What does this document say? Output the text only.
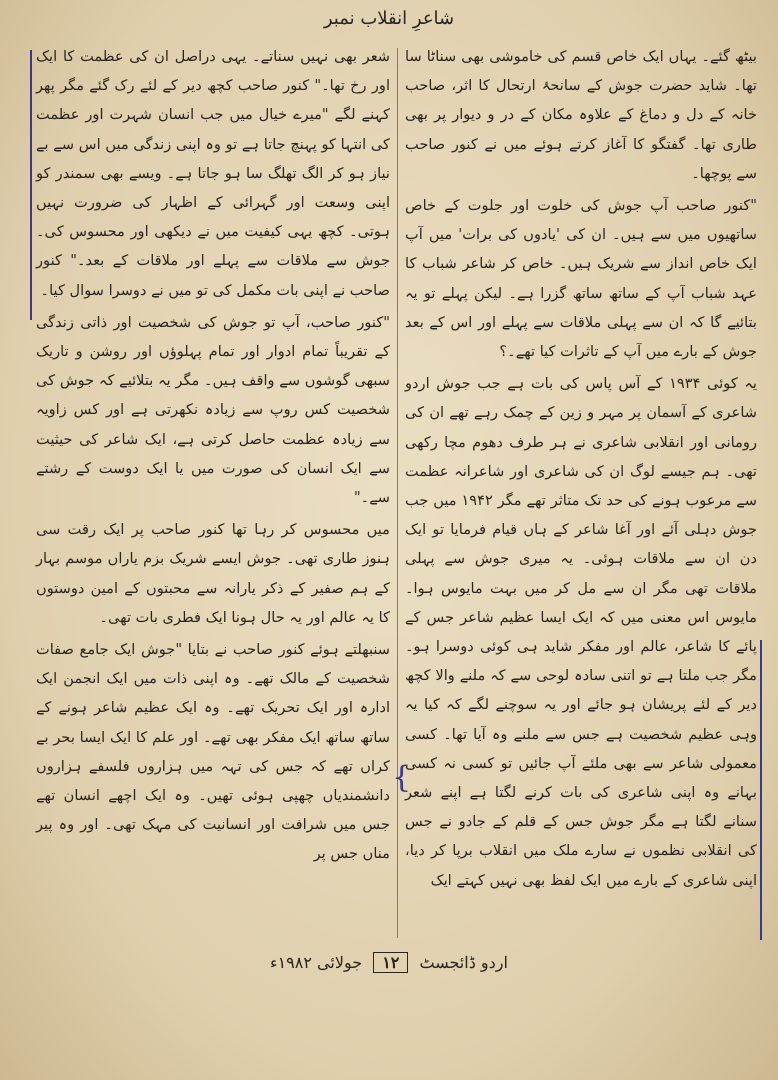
شاعرِ انقلاب نمبر

بیٹھ گئے۔ یہاں ایک خاص قسم کی خاموشی بھی سناٹا سا تھا۔ شاید حضرت جوش کے سانحۂ ارتحال کا اثر، صاحب خانہ کے دل و دماغ کے علاوہ مکان کے در و دیوار پر بھی طاری تھا۔ گفتگو کا آغاز کرتے ہوئے میں نے کنور صاحب سے پوچھا۔

"کنور صاحب آپ جوش کی خلوت اور جلوت کے خاص ساتھیوں میں سے ہیں۔ ان کی 'یادوں کی برات' میں آپ ایک خاص انداز سے شریک ہیں۔ خاص کر شاعر شباب کا عہد شباب آپ کے ساتھ ساتھ گزرا ہے۔ لیکن پہلے تو یہ بتائیے گا کہ ان سے پہلی ملاقات سے پہلے اور اس کے بعد جوش کے بارے میں آپ کے تاثرات کیا تھے۔؟

یہ کوئی ۱۹۳۴ کے آس پاس کی بات ہے جب جوش اردو شاعری کے آسمان پر مہر و زین کے چمک رہے تھے ان کی رومانی اور انقلابی شاعری نے ہر طرف دھوم مچا رکھی تھی۔ ہم جیسے لوگ ان کی شاعری اور شاعرانہ عظمت سے مرعوب ہونے کی حد تک متاثر تھے مگر ۱۹۴۲ میں جب جوش دہلی آئے اور آغا شاعر کے ہاں قیام فرمایا تو ایک دن ان سے ملاقات ہوئی۔ یہ میری جوش سے پہلی ملاقات تھی مگر ان سے مل کر میں بہت مایوس ہوا۔ مایوس اس معنی میں کہ ایک ایسا عظیم شاعر جس کے پائے کا شاعر، عالم اور مفکر شاید ہی کوئی دوسرا ہو۔ مگر جب ملتا ہے تو اتنی سادہ لوحی سے کہ ملنے والا کچھ دیر کے لئے پریشان ہو جائے اور یہ سوچنے لگے کہ کیا یہ وہی عظیم شخصیت ہے جس سے ملنے وہ آیا تھا۔ کسی معمولی شاعر سے بھی ملئے آپ جائیں تو کسی نہ کسی بہانے وہ اپنی شاعری کی بات کرنے لگتا ہے اپنے شعر سنانے لگتا ہے مگر جوش جس کے قلم کے جادو نے جس کی انقلابی نظموں نے سارے ملک میں انقلاب برپا کر دیا، اپنی شاعری کے بارے میں ایک لفظ بھی نہیں کہتے ایک

شعر بھی نہیں سناتے۔ یہی دراصل ان کی عظمت کا ایک اور رخ تھا۔" کنور صاحب کچھ دیر کے لئے رک گئے مگر پھر کہنے لگے "میرے خیال میں جب انسان شہرت اور عظمت کی انتہا کو پہنچ جاتا ہے تو وہ اپنی زندگی میں اس سے بے نیاز ہو کر الگ تھلگ سا ہو جاتا ہے۔ ویسے بھی سمندر کو اپنی وسعت اور گہرائی کے اظہار کی ضرورت نہیں ہوتی۔ کچھ یہی کیفیت میں نے دیکھی اور محسوس کی۔ جوش سے ملاقات سے پہلے اور ملاقات کے بعد۔" کنور صاحب نے اپنی بات مکمل کی تو میں نے دوسرا سوال کیا۔

"کنور صاحب، آپ تو جوش کی شخصیت اور ذاتی زندگی کے تقریباً تمام ادوار اور تمام پہلوؤں اور روشن و تاریک سبھی گوشوں سے واقف ہیں۔ مگر یہ بتلائیے کہ جوش کی شخصیت کس روپ سے زیادہ نکھرتی ہے اور کس زاویہ سے زیادہ عظمت حاصل کرتی ہے، ایک شاعر کی حیثیت سے ایک انسان کی صورت میں یا ایک دوست کے رشتے سے۔"

میں محسوس کر رہا تھا کنور صاحب پر ایک رقت سی ہنوز طاری تھی۔ جوش ایسے شریک بزم یاراں موسم بہار کے ہم صفیر کے ذکر یارانہ سے محبتوں کے امین دوستوں کا یہ عالم اور یہ حال ہونا ایک فطری بات تھی۔

سنبھلتے ہوئے کنور صاحب نے بتایا "جوش ایک جامع صفات شخصیت کے مالک تھے۔ وہ اپنی ذات میں ایک انجمن ایک ادارہ اور ایک تحریک تھے۔ وہ ایک عظیم شاعر ہونے کے ساتھ ساتھ ایک مفکر بھی تھے۔ اور علم کا ایک ایسا بحر بے کراں تھے کہ جس کی تہہ میں ہزاروں فلسفے ہزاروں دانشمندیاں چھپی ہوئی تھیں۔ وہ ایک اچھے انسان تھے جس میں شرافت اور انسانیت کی مہک تھی۔ اور وہ پیر مناں جس پر

{
اردو ڈائجسٹ ۱۲ جولائی ۱۹۸۲ء
